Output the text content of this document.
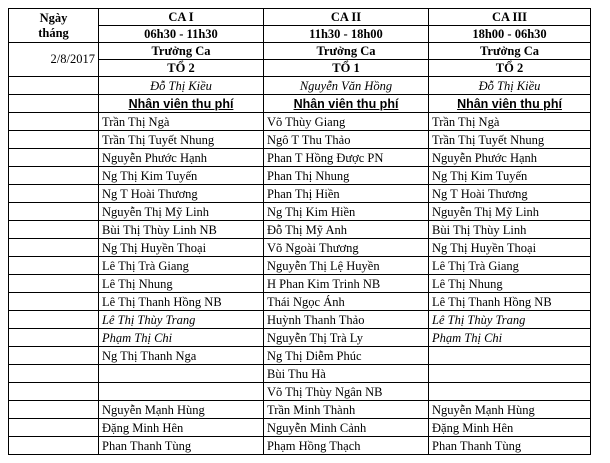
Ngày
tháng	CA I	CA II	CA III
	06h30 - 11h30	11h30 - 18h00	18h00 - 06h30
2/8/2017	Trưởng Ca	Trưởng Ca	Trưởng Ca
	TỔ 2	TỔ 1	TỔ 2
	Đỗ Thị Kiều	Nguyễn Văn Hồng	Đỗ Thị Kiều
	Nhân viên thu phí	Nhân viên thu phí	Nhân viên thu phí
	Trần Thị Ngà	Võ Thùy Giang	Trần Thị Ngà
	Trần Thị Tuyết Nhung	Ngô T Thu Thảo	Trần Thị Tuyết Nhung
	Nguyễn Phước Hạnh	Phan T Hồng Được PN	Nguyễn Phước Hạnh
	Ng Thị Kim Tuyến	Phan Thị Nhung	Ng Thị Kim Tuyến
	Ng T Hoài Thương	Phan Thị Hiền	Ng T Hoài Thương
	Nguyễn Thị Mỹ Linh	Ng Thị Kim Hiền	Nguyễn Thị Mỹ Linh
	Bùi Thị Thùy Linh NB	Đỗ Thị Mỹ Anh	Bùi Thị Thùy Linh
	Ng Thị Huyền Thoại	Võ Ngoài Thương	Ng Thị Huyền Thoại
	Lê Thị Trà Giang	Nguyễn Thị Lệ Huyền	Lê Thị Trà Giang
	Lê Thị Nhung	H Phan Kim Trinh NB	Lê Thị Nhung
	Lê Thị Thanh Hồng NB	Thái Ngọc Ánh	Lê Thị Thanh Hồng NB
	Lê Thị Thùy Trang	Huỳnh Thanh Thảo	Lê Thị Thùy Trang
	Phạm Thị Chi	Nguyễn Thị Trà Ly	Phạm Thị Chi
	Ng Thị Thanh Nga	Ng Thị Diễm Phúc	
		Bùi Thu Hà	
		Võ Thị Thùy Ngân NB	
	Nguyễn Mạnh Hùng	Trần Minh Thành	Nguyễn Mạnh Hùng
	Đặng Minh Hên	Nguyễn Minh Cảnh	Đặng Minh Hên
	Phan Thanh Tùng	Phạm Hồng Thạch	Phan Thanh Tùng
